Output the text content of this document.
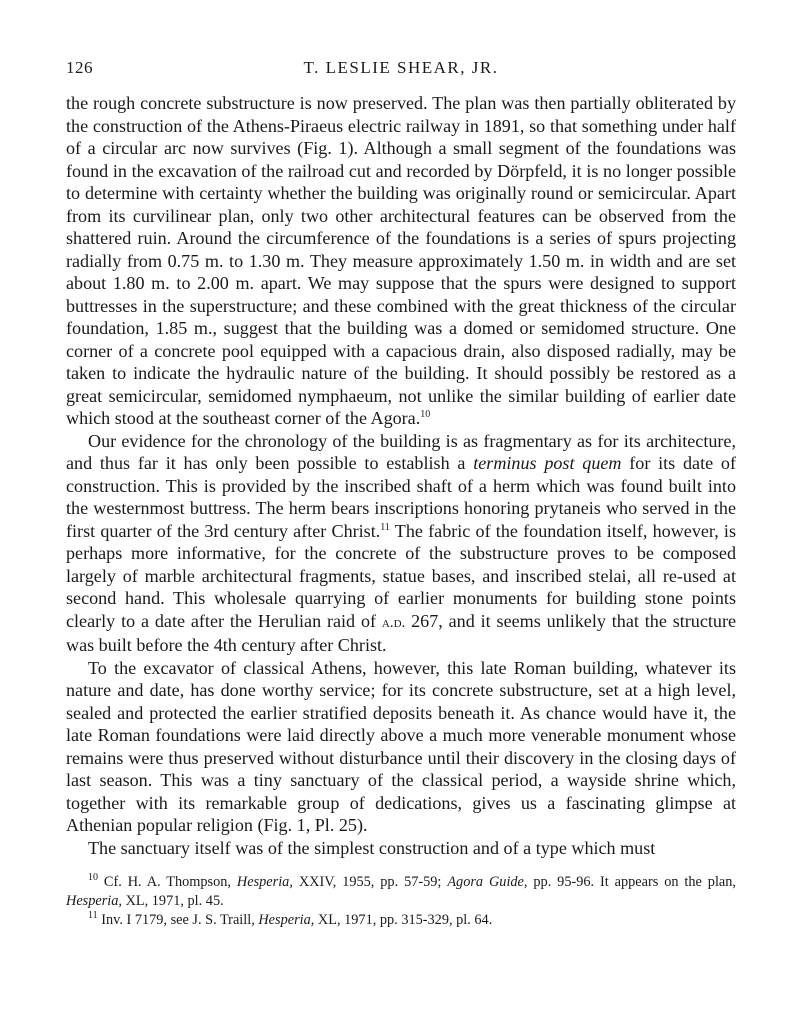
126	T. LESLIE SHEAR, JR.

the rough concrete substructure is now preserved. The plan was then partially obliterated by the construction of the Athens-Piraeus electric railway in 1891, so that something under half of a circular arc now survives (Fig. 1). Although a small segment of the foundations was found in the excavation of the railroad cut and recorded by Dörpfeld, it is no longer possible to determine with certainty whether the building was originally round or semicircular. Apart from its curvilinear plan, only two other architectural features can be observed from the shattered ruin. Around the circumference of the foundations is a series of spurs projecting radially from 0.75 m. to 1.30 m. They measure approximately 1.50 m. in width and are set about 1.80 m. to 2.00 m. apart. We may suppose that the spurs were designed to support buttresses in the superstructure; and these combined with the great thickness of the circular foundation, 1.85 m., suggest that the building was a domed or semidomed structure. One corner of a concrete pool equipped with a capacious drain, also disposed radially, may be taken to indicate the hydraulic nature of the building. It should possibly be restored as a great semicircular, semidomed nymphaeum, not unlike the similar building of earlier date which stood at the southeast corner of the Agora.$^{10}$

Our evidence for the chronology of the building is as fragmentary as for its architecture, and thus far it has only been possible to establish a terminus post quem for its date of construction. This is provided by the inscribed shaft of a herm which was found built into the westernmost buttress. The herm bears inscriptions honoring prytaneis who served in the first quarter of the 3rd century after Christ.$^{11}$ The fabric of the foundation itself, however, is perhaps more informative, for the concrete of the substructure proves to be composed largely of marble architectural fragments, statue bases, and inscribed stelai, all re-used at second hand. This wholesale quarrying of earlier monuments for building stone points clearly to a date after the Herulian raid of a.d. 267, and it seems unlikely that the structure was built before the 4th century after Christ.

To the excavator of classical Athens, however, this late Roman building, whatever its nature and date, has done worthy service; for its concrete substructure, set at a high level, sealed and protected the earlier stratified deposits beneath it. As chance would have it, the late Roman foundations were laid directly above a much more venerable monument whose remains were thus preserved without disturbance until their discovery in the closing days of last season. This was a tiny sanctuary of the classical period, a wayside shrine which, together with its remarkable group of dedications, gives us a fascinating glimpse at Athenian popular religion (Fig. 1, Pl. 25).

The sanctuary itself was of the simplest construction and of a type which must

$^{10}$ Cf. H. A. Thompson, Hesperia, XXIV, 1955, pp. 57-59; Agora Guide, pp. 95-96. It appears on the plan, Hesperia, XL, 1971, pl. 45.

$^{11}$ Inv. I 7179, see J. S. Traill, Hesperia, XL, 1971, pp. 315-329, pl. 64.
